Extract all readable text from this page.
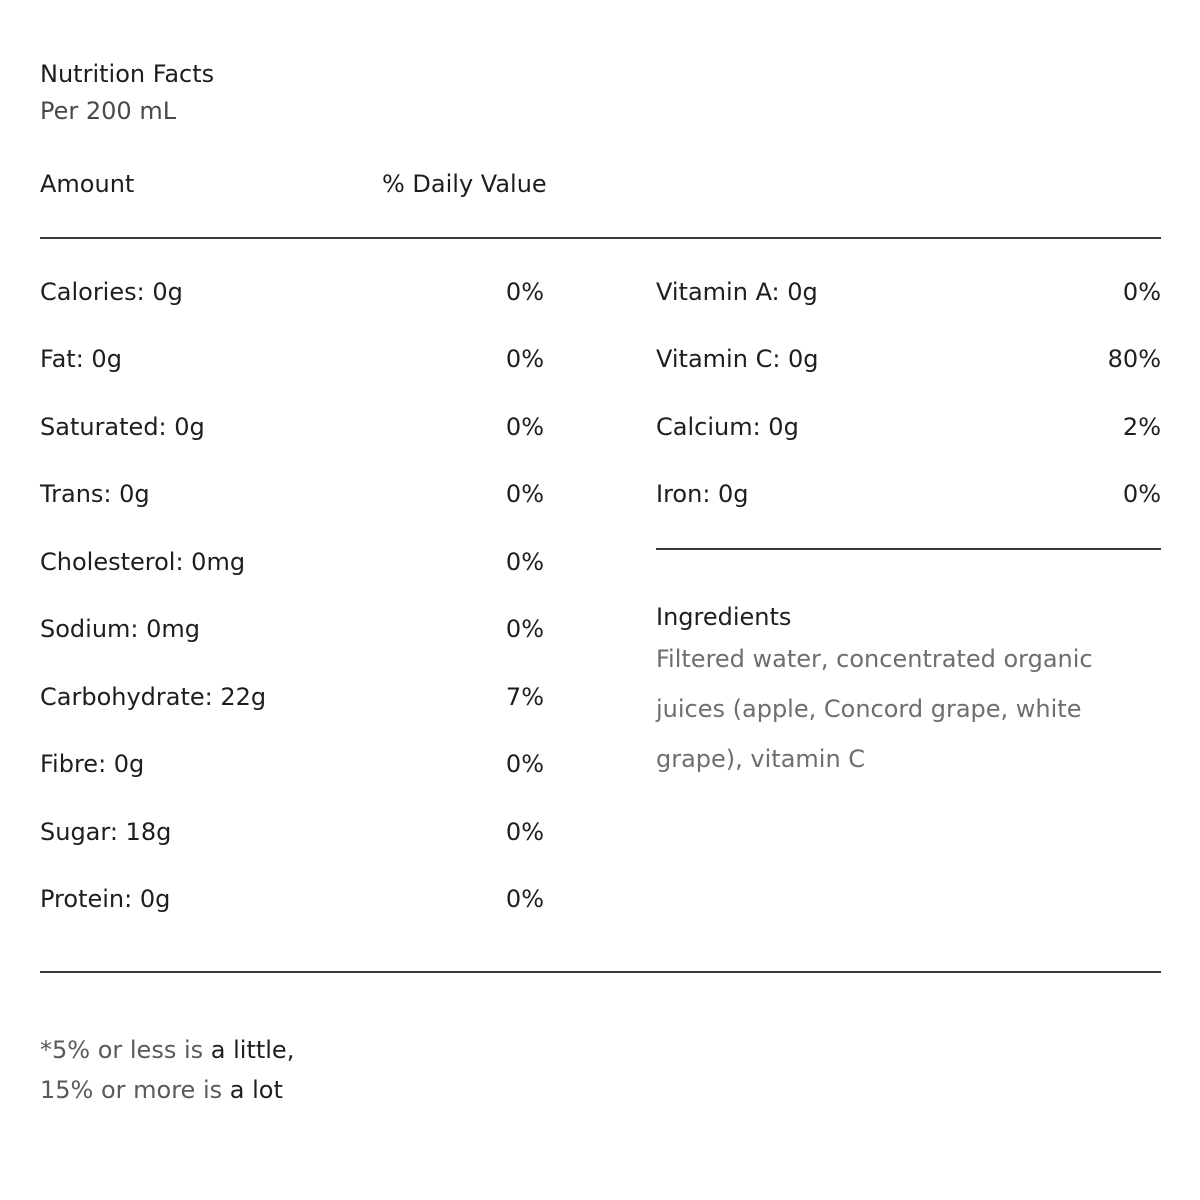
Nutrition Facts
Per 200 mL
Amount	% Daily Value
Calories: 0g	0%
Fat: 0g	0%
Saturated: 0g	0%
Trans: 0g	0%
Cholesterol: 0mg	0%
Sodium: 0mg	0%
Carbohydrate: 22g	7%
Fibre: 0g	0%
Sugar: 18g	0%
Protein: 0g	0%
Vitamin A: 0g	0%
Vitamin C: 0g	80%
Calcium: 0g	2%
Iron: 0g	0%
Ingredients
Filtered water, concentrated organic juices (apple, Concord grape, white grape), vitamin C
*5% or less is a little,
15% or more is a lot
